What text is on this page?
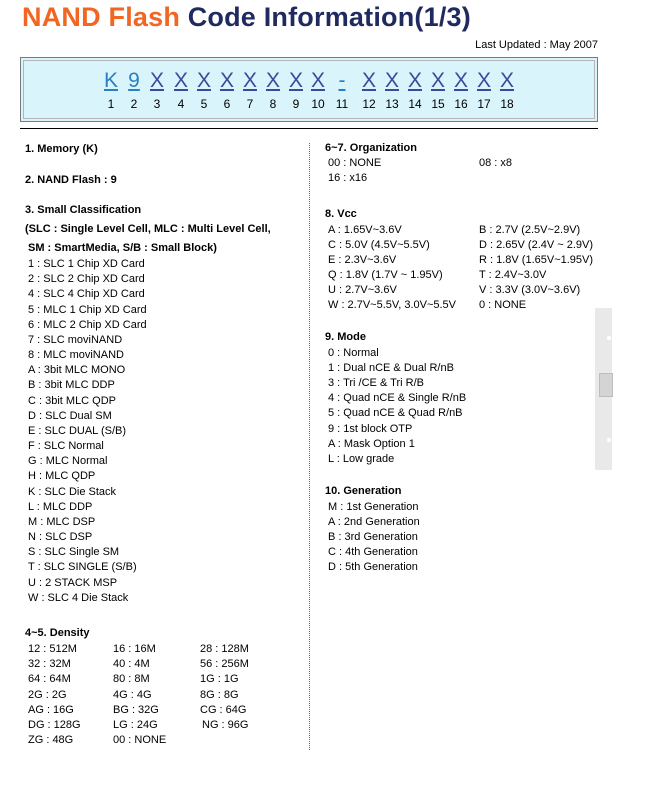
NAND Flash Code Information(1/3)
Last Updated : May 2007
K 9 X X X X X X X X - X X X X X X X
1	2	3	4	5	6	7	8	9 10 11	12 13 14 15 16 17 18
1. Memory (K)
2. NAND Flash : 9
3. Small Classification
(SLC : Single Level Cell, MLC : Multi Level Cell,
SM : SmartMedia, S/B : Small Block)
4~5. Density
6~7. Organization
8. Vcc
9. Mode
10. Generation
1 : SLC 1 Chip XD Card
2 : SLC 2 Chip XD Card
4 : SLC 4 Chip XD Card
5 : MLC 1 Chip XD Card
6 : MLC 2 Chip XD Card
7 : SLC moviNAND
8 : MLC moviNAND
A : 3bit MLC MONO
B : 3bit MLC DDP
C : 3bit MLC QDP
D : SLC Dual SM
E : SLC DUAL (S/B)
F : SLC Normal
G : MLC Normal
H : MLC QDP
K : SLC Die Stack
L : MLC DDP
M : MLC DSP
N : SLC DSP
S : SLC Single SM
T : SLC SINGLE (S/B)
U : 2 STACK MSP
W : SLC 4 Die Stack
12 : 512M	16 : 16M	28 : 128M
32 : 32M	40 : 4M	56 : 256M
64 : 64M	80 : 8M	1G : 1G
2G : 2G	4G : 4G	8G : 8G
AG : 16G	BG : 32G	CG : 64G
DG : 128G	LG : 24G	NG : 96G
ZG : 48G	00 : NONE
00 : NONE	08 : x8
16 : x16
A : 1.65V~3.6V	B : 2.7V (2.5V~2.9V)
C : 5.0V (4.5V~5.5V)	D : 2.65V (2.4V ~ 2.9V)
E : 2.3V~3.6V	R : 1.8V (1.65V~1.95V)
Q : 1.8V (1.7V ~ 1.95V)	T : 2.4V~3.0V
U : 2.7V~3.6V	V : 3.3V (3.0V~3.6V)
W : 2.7V~5.5V, 3.0V~5.5V 0 : NONE
0 : Normal
1 : Dual nCE & Dual R/nB
3 : Tri /CE & Tri R/B
4 : Quad nCE & Single R/nB
5 : Quad nCE & Quad R/nB
9 : 1st block OTP
A : Mask Option 1
L : Low grade
M : 1st Generation
A : 2nd Generation
B : 3rd Generation
C : 4th Generation
D : 5th Generation
